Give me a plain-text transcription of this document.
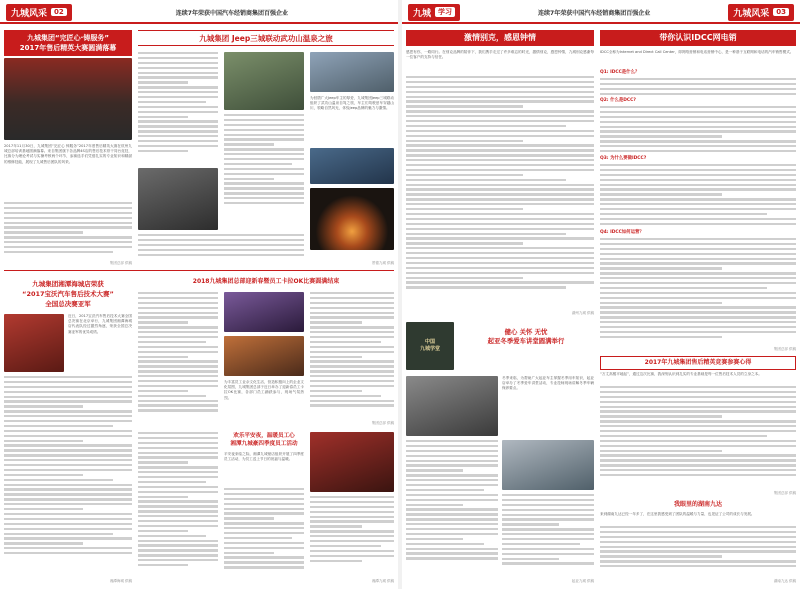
九城风采	02	连续7年荣获中国汽车经销商集团百强企业
九城集团“完匠心·铸服务”
2017年售后精英大赛圆满落幕
2017年11月30日，九城集团“完匠心 铸服务”2017年度售后精英大赛在杭州九城总部培训基地圆满落幕。来自集团旗下各品牌4S店的售后技术骨干同台竞技，比赛分为理论考试与实操考核两个环节，参赛选手们凭借扎实的专业知识和精湛的维修技能，展现了九城售后团队的风采。
集团总部 供稿
九城集团 Jeep三城联动武功山温泉之旅
为回馈广大Jeep车主的厚爱，九城集团Jeep三城联动组织了武功山温泉自驾之旅，车主们驾驶爱车穿越山川，领略自然风光，体验Jeep品牌的魅力与激情。
景德九城 供稿
九城集团湘潭海城店荣获
“2017宝沃汽车售后技术大赛”
全国总决赛亚军
近日，2017宝沃汽车售后技术大赛全国总决赛在北京举行，九城集团湘潭海城店代表队经过激烈角逐，荣获全国总决赛亚军的优异成绩。
湘潭海城 供稿
2018九城集团总部迎新春暨员工卡拉OK比赛圆满结束
为丰富员工业余文化生活，营造积极向上的企业文化氛围，九城集团总部于近日举办了迎新春员工卡拉OK比赛，各部门员工踊跃参与，现场气氛热烈。
集团总部 供稿
欢乐平安夜，温暖员工心
湘潭九城豪四季度员工活动
平安夜来临之际，湘潭九城豪店组织开展了四季度员工活动，为员工送上节日的祝福与温暖。
湘潭九城 供稿
九城	学习	连续7年荣获中国汽车经销商集团百强企业	九城风采	03
激情别克，感恩钟情
感恩有你，一路同行。在别克品牌的陪伴下，我们携手走过了许多难忘的时光，激情别克，感恩钟情，九城别克感谢每一位客户的支持与信任。
湖州九城 供稿
带你认识IDCC网电销
IDCC全称为Internet and Direct Call Center，即网络营销和电话营销中心，是一种基于互联网和电话的汽车销售模式。
Q1: IDCC是什么？
Q2: 什么是DCC?
Q3: 为什么要做IDCC?
Q4: IDCC如何运营？
集团总部 供稿
中国
九城学堂
健心 关怀 无忧
起亚冬季爱车讲堂圆满举行
冬季来临，为帮助广大起亚车主掌握冬季用车知识，起亚店举办了冬季爱车讲堂活动，专业技师现场讲解冬季车辆保养要点。
起亚九城 供稿
2017年九城集团售后精英竞赛参赛心得
“万丈高楼平地起”，通过这次比赛，我深刻认识到扎实的专业基础是每一位售后技术人员的立身之本。
集团总部 供稿
我眼里的湖南九达
来到湖南九达已经一年多了，在这里我感受到了团队的温暖与力量，也见证了公司的成长与发展。
湖南九达 供稿
